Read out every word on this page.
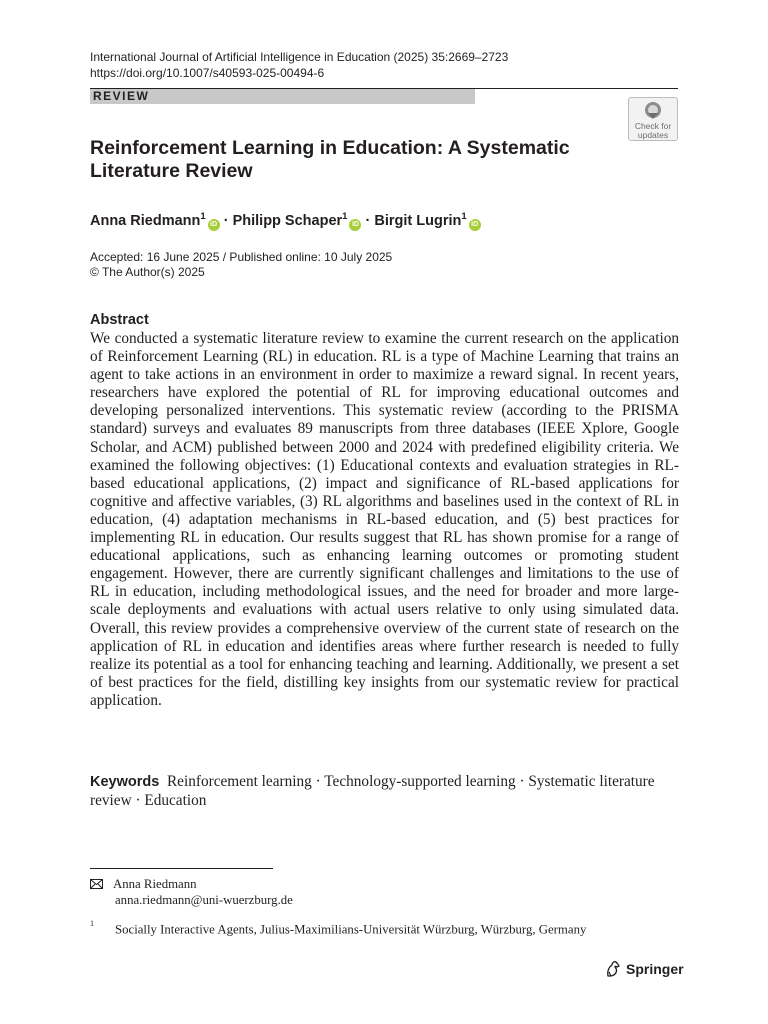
International Journal of Artificial Intelligence in Education (2025) 35:2669–2723
https://doi.org/10.1007/s40593-025-00494-6
REVIEW
Check for
updates
Reinforcement Learning in Education: A Systematic Literature Review
Anna Riedmann$^1$iD · Philipp Schaper$^1$iD · Birgit Lugrin$^1$iD
Accepted: 16 June 2025 / Published online: 10 July 2025
© The Author(s) 2025
Abstract

We conducted a systematic literature review to examine the current research on the application of Reinforcement Learning (RL) in education. RL is a type of Machine Learning that trains an agent to take actions in an environment in order to maximize a reward signal. In recent years, researchers have explored the potential of RL for improving educational outcomes and developing personalized interventions. This systematic review (according to the PRISMA standard) surveys and evaluates 89 manuscripts from three databases (IEEE Xplore, Google Scholar, and ACM) published between 2000 and 2024 with predefined eligibility criteria. We examined the following objectives: (1) Educational contexts and evaluation strategies in RL-based educational applications, (2) impact and significance of RL-based applications for cognitive and affective variables, (3) RL algorithms and baselines used in the context of RL in education, (4) adaptation mechanisms in RL-based education, and (5) best practices for implementing RL in education. Our results suggest that RL has shown promise for a range of educational applications, such as enhancing learning outcomes or promoting student engagement. However, there are currently significant challenges and limitations to the use of RL in education, including methodological issues, and the need for broader and more large-scale deployments and evaluations with actual users relative to only using simulated data. Overall, this review provides a comprehensive overview of the current state of research on the application of RL in education and identifies areas where further research is needed to fully realize its potential as a tool for enhancing teaching and learning. Additionally, we present a set of best practices for the field, distilling key insights from our systematic review for practical application.

Keywords Reinforcement learning · Technology-supported learning · Systematic literature review · Education
Anna Riedmann
anna.riedmann@uni-wuerzburg.de
$^1$ Socially Interactive Agents, Julius-Maximilians-Universität Würzburg, Würzburg, Germany
Springer
